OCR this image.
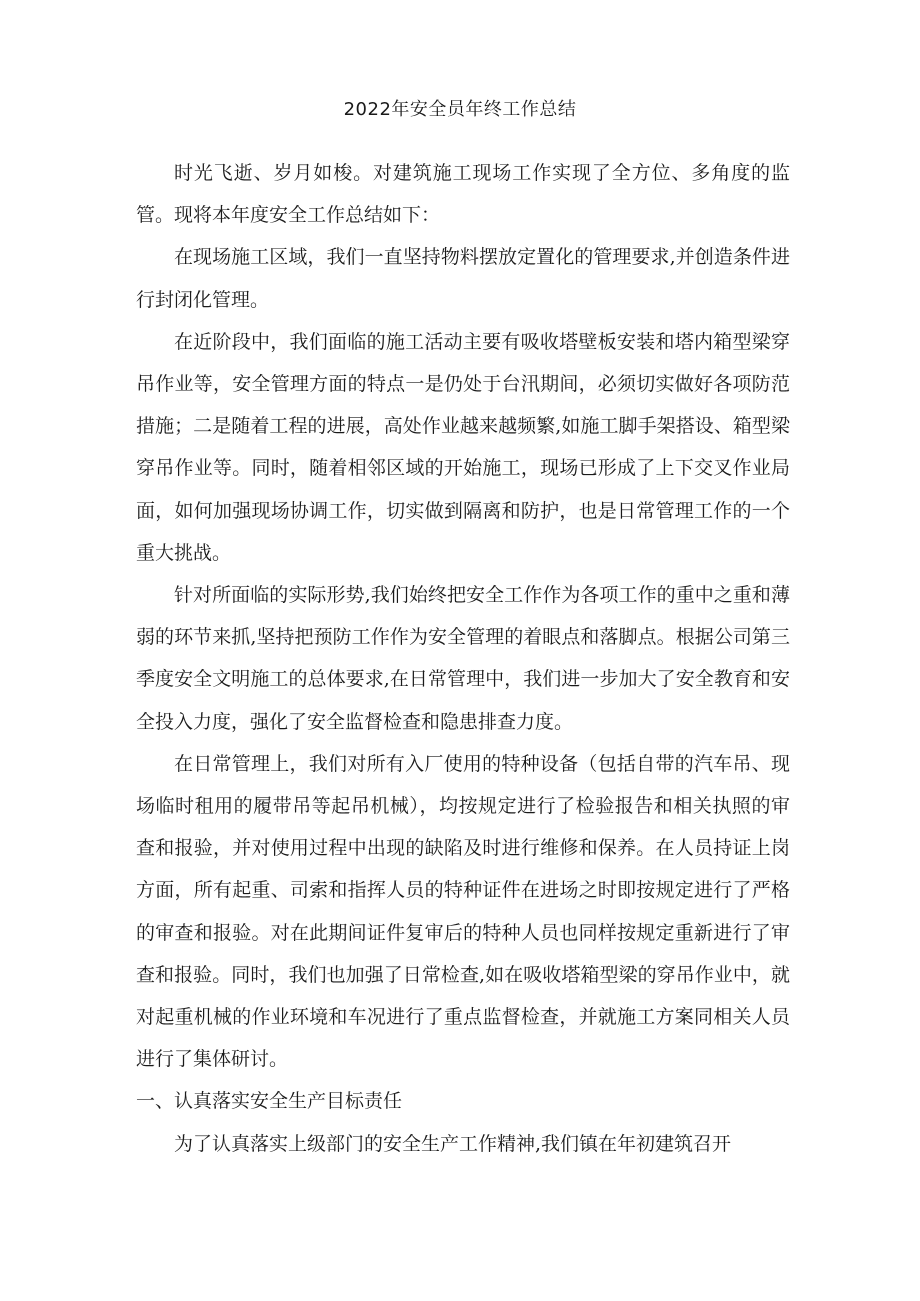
2022年安全员年终工作总结

时光飞逝、岁月如梭。对建筑施工现场工作实现了全方位、多角度的监管。现将本年度安全工作总结如下：

在现场施工区域，我们一直坚持物料摆放定置化的管理要求,并创造条件进行封闭化管理。

在近阶段中，我们面临的施工活动主要有吸收塔壁板安装和塔内箱型梁穿吊作业等，安全管理方面的特点一是仍处于台汛期间，必须切实做好各项防范措施；二是随着工程的进展，高处作业越来越频繁,如施工脚手架搭设、箱型梁穿吊作业等。同时，随着相邻区域的开始施工，现场已形成了上下交叉作业局面，如何加强现场协调工作，切实做到隔离和防护，也是日常管理工作的一个重大挑战。

针对所面临的实际形势,我们始终把安全工作作为各项工作的重中之重和薄弱的环节来抓,坚持把预防工作作为安全管理的着眼点和落脚点。根据公司第三季度安全文明施工的总体要求,在日常管理中，我们进一步加大了安全教育和安全投入力度，强化了安全监督检查和隐患排查力度。

在日常管理上，我们对所有入厂使用的特种设备（包括自带的汽车吊、现场临时租用的履带吊等起吊机械），均按规定进行了检验报告和相关执照的审查和报验，并对使用过程中出现的缺陷及时进行维修和保养。在人员持证上岗方面，所有起重、司索和指挥人员的特种证件在进场之时即按规定进行了严格的审查和报验。对在此期间证件复审后的特种人员也同样按规定重新进行了审查和报验。同时，我们也加强了日常检查,如在吸收塔箱型梁的穿吊作业中，就对起重机械的作业环境和车况进行了重点监督检查，并就施工方案同相关人员进行了集体研讨。

一、认真落实安全生产目标责任

为了认真落实上级部门的安全生产工作精神,我们镇在年初建筑召开
